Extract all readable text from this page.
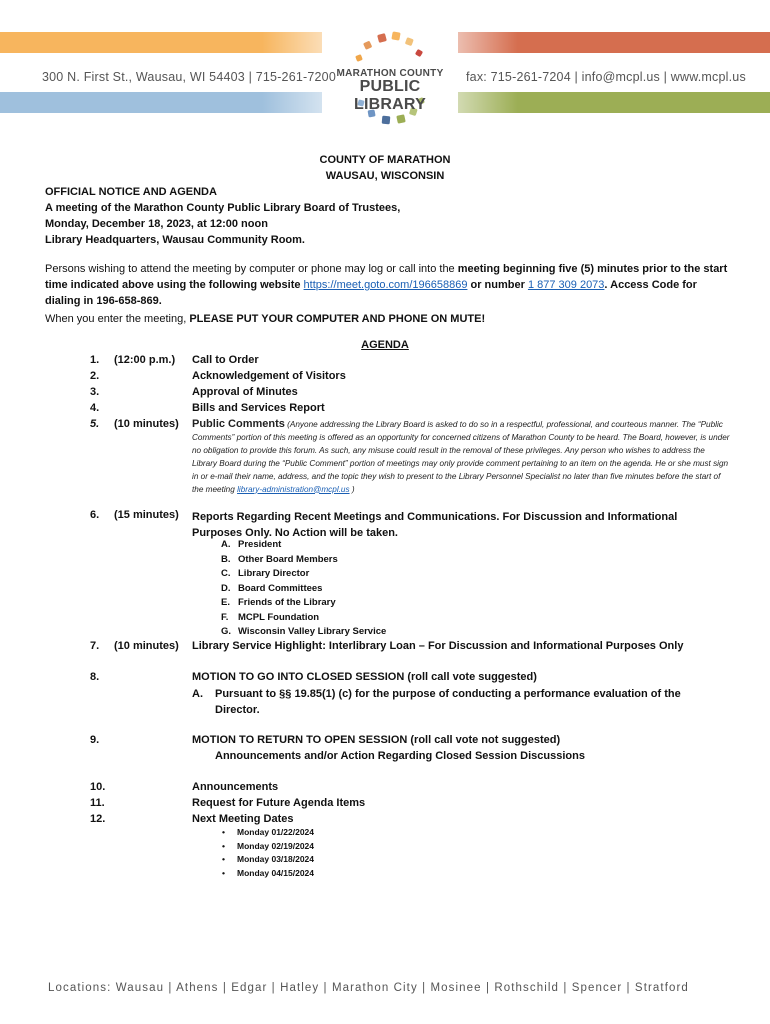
300 N. First St., Wausau, WI 54403 | 715-261-7200	fax: 715-261-7204 | info@mcpl.us | www.mcpl.us
MARATHON COUNTY
PUBLIC LIBRARY
COUNTY OF MARATHON
WAUSAU, WISCONSIN
OFFICIAL NOTICE AND AGENDA
A meeting of the Marathon County Public Library Board of Trustees,
Monday, December 18, 2023, at 12:00 noon
Library Headquarters, Wausau Community Room.
Persons wishing to attend the meeting by computer or phone may log or call into the meeting beginning five (5) minutes prior to the start time indicated above using the following website https://meet.goto.com/196658869 or number 1 877 309 2073. Access Code for dialing in 196-658-869.
When you enter the meeting, PLEASE PUT YOUR COMPUTER AND PHONE ON MUTE!
AGENDA
1. (12:00 p.m.) Call to Order
2.	Acknowledgement of Visitors
3.	Approval of Minutes
4.	Bills and Services Report
5. (10 minutes) Public Comments (Anyone addressing the Library Board is asked to do so in a respectful, professional, and courteous manner. The “Public Comments” portion of this meeting is offered as an opportunity for concerned citizens of Marathon County to be heard. The Board, however, is under no obligation to provide this forum. As such, any misuse could result in the removal of these privileges. Any person who wishes to address the Library Board during the “Public Comment” portion of meetings may only provide comment pertaining to an item on the agenda. He or she must sign in or e-mail their name, address, and the topic they wish to present to the Library Personnel Specialist no later than five minutes before the start of the meeting library-administration@mcpl.us )
6. (15 minutes) Reports Regarding Recent Meetings and Communications. For Discussion and Informational Purposes Only. No Action will be taken.
A. President
B. Other Board Members
C. Library Director
D. Board Committees
E. Friends of the Library
F. MCPL Foundation
G. Wisconsin Valley Library Service
7. (10 minutes) Library Service Highlight: Interlibrary Loan – For Discussion and Informational Purposes Only
8.	MOTION TO GO INTO CLOSED SESSION (roll call vote suggested)
A. Pursuant to §§ 19.85(1) (c) for the purpose of conducting a performance evaluation of the
Director.
9.	MOTION TO RETURN TO OPEN SESSION (roll call vote not suggested)
Announcements and/or Action Regarding Closed Session Discussions
10.	Announcements
11.	Request for Future Agenda Items
12.	Next Meeting Dates
• Monday 01/22/2024
• Monday 02/19/2024
• Monday 03/18/2024
• Monday 04/15/2024
Locations: Wausau | Athens | Edgar | Hatley | Marathon City | Mosinee | Rothschild | Spencer | Stratford
